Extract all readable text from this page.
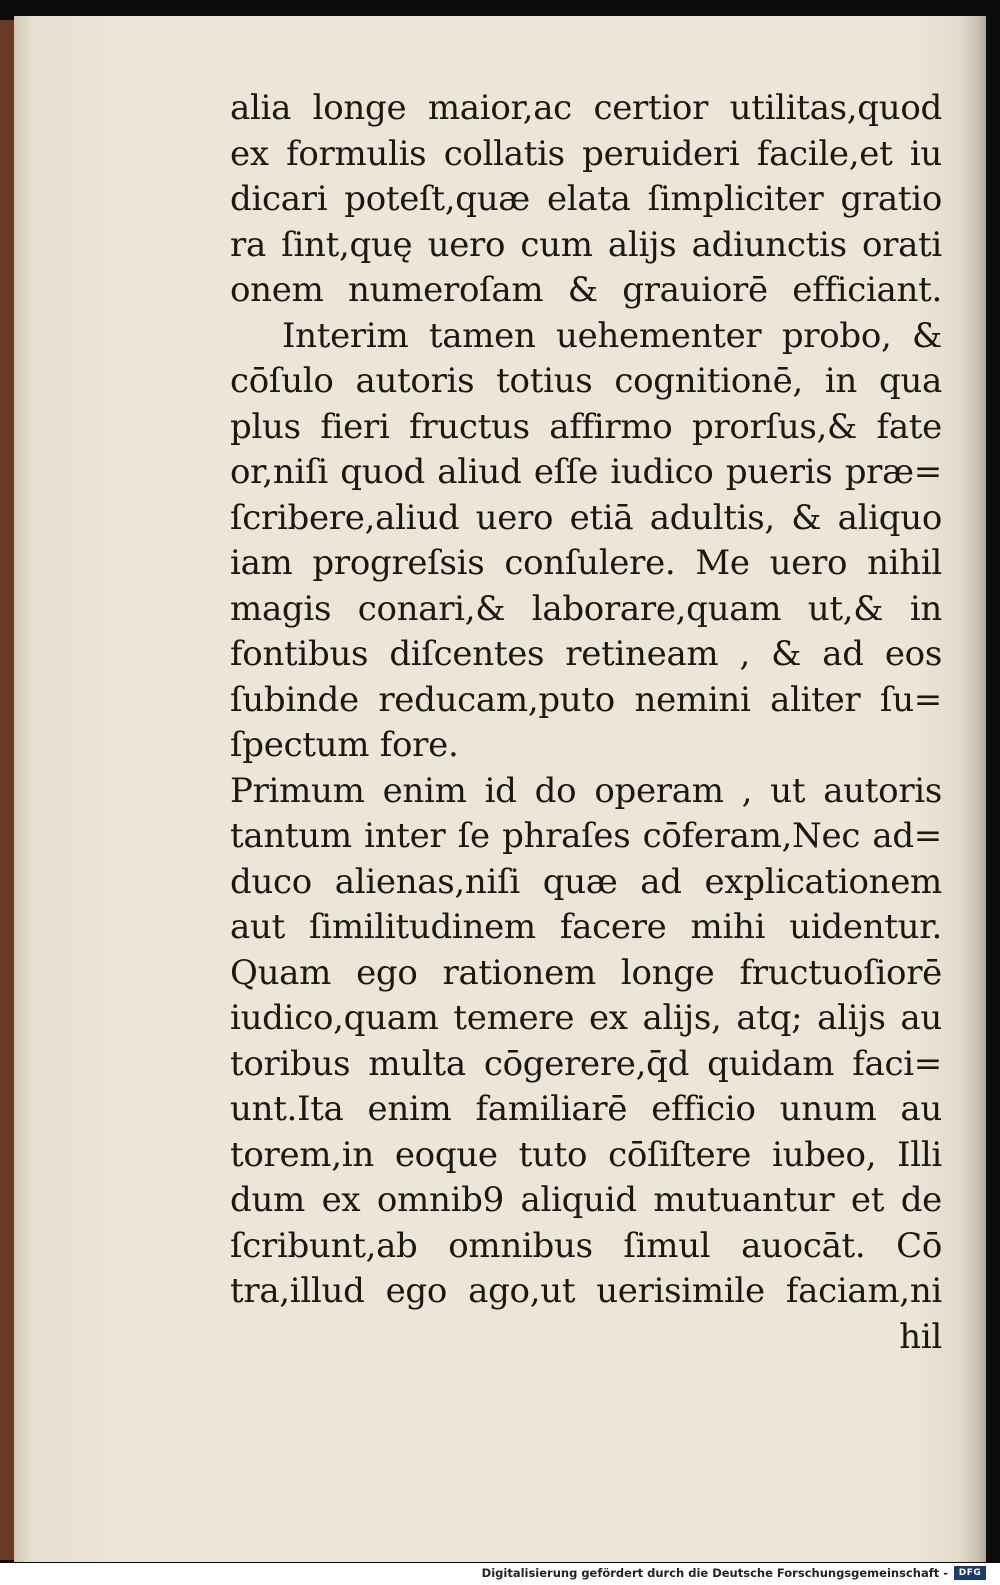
alia longe maior,ac certior utilitas,quod
ex formulis collatis peruideri facile,et iu
dicari poteſt,quæ elata ſimpliciter gratio
ra ſint,quę uero cum alijs adiunctis orati
onem numeroſam & grauiorē efficiant.
Interim tamen uehementer probo, &
cōſulo autoris totius cognitionē, in qua
plus fieri fructus affirmo prorſus,& fate
or,niſi quod aliud eſſe iudico pueris præ=
ſcribere,aliud uero etiā adultis, & aliquo
iam progreſsis conſulere. Me uero nihil
magis conari,& laborare,quam ut,& in
fontibus diſcentes retineam , & ad eos
ſubinde reducam,puto nemini aliter ſu=
ſpectum fore.
Primum enim id do operam , ut autoris
tantum inter ſe phraſes cōferam,Nec ad=
duco alienas,niſi quæ ad explicationem
aut ſimilitudinem facere mihi uidentur.
Quam ego rationem longe fructuoſiorē
iudico,quam temere ex alijs, atq; alijs au
toribus multa cōgerere,q̄d quidam faci=
unt.Ita enim familiarē efficio unum au
torem,in eoque tuto cōſiſtere iubeo, Illi
dum ex omnib9 aliquid mutuantur et de
ſcribunt,ab omnibus ſimul auocāt. Cō
tra,illud ego ago,ut uerisimile faciam,ni
hil
Digitalisierung gefördert durch die Deutsche Forschungsgemeinschaft -	DFG
